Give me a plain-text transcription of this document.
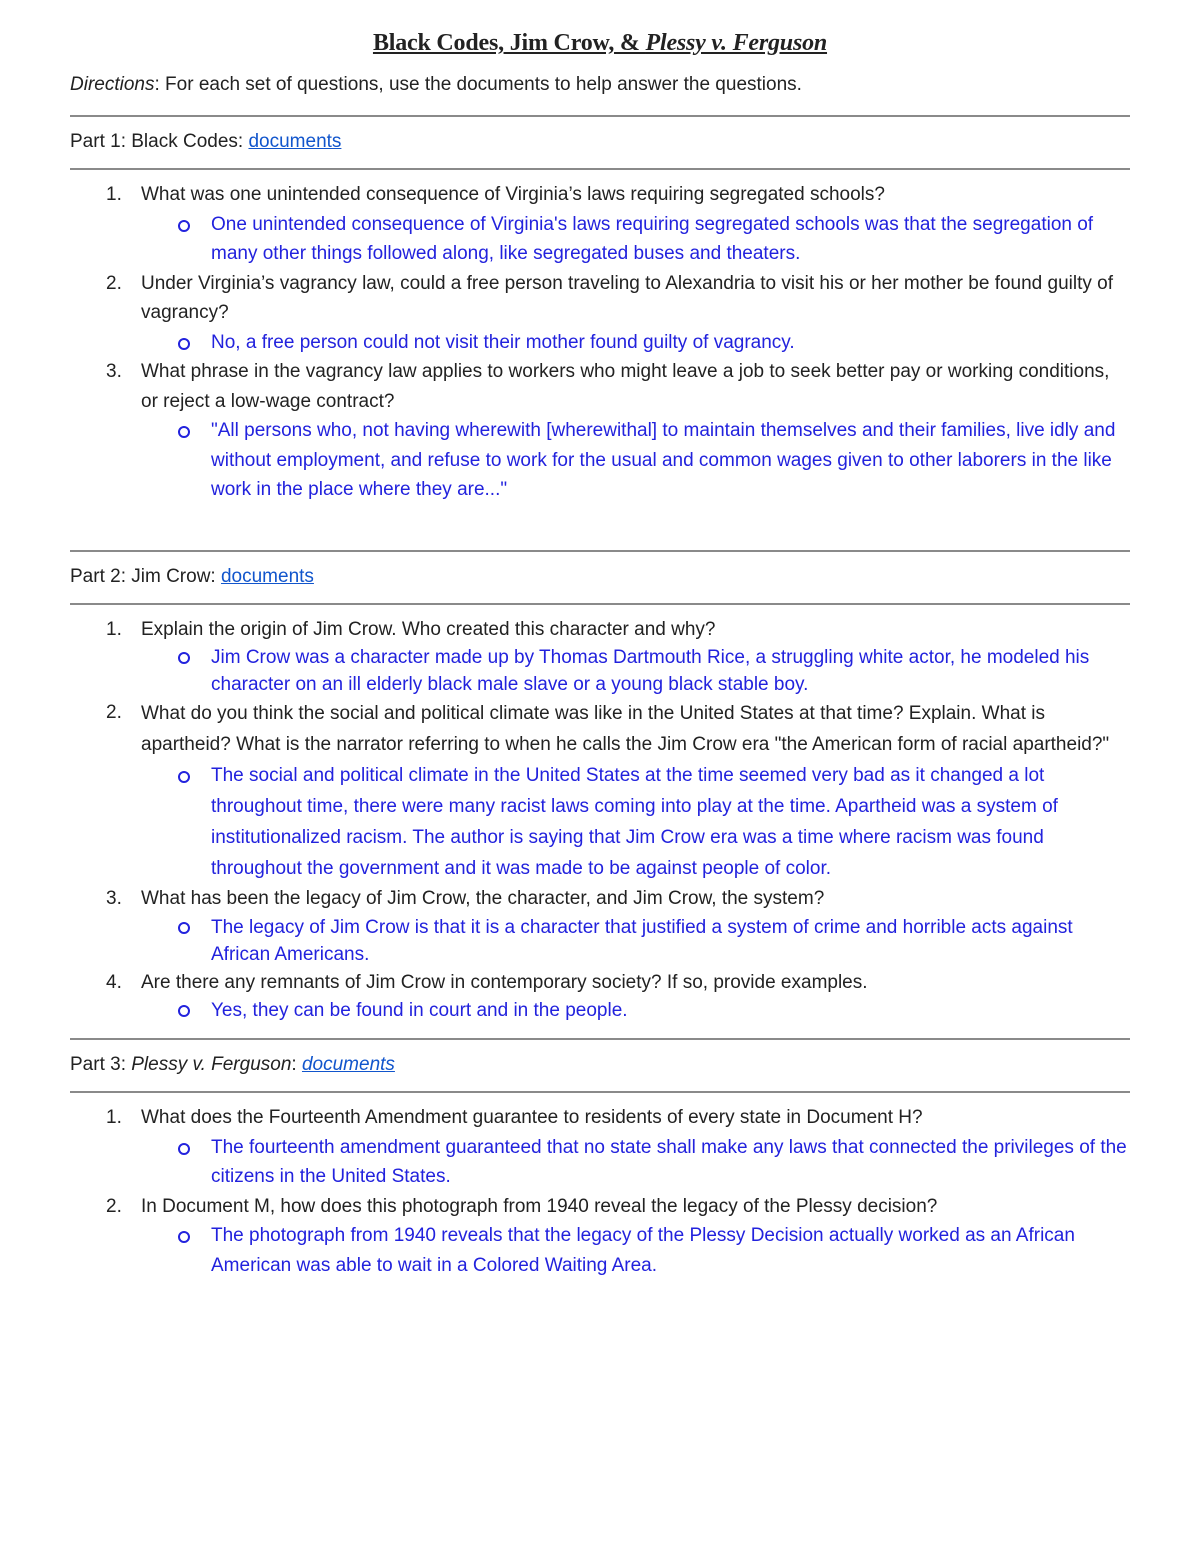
Black Codes, Jim Crow, & Plessy v. Ferguson
Directions: For each set of questions, use the documents to help answer the questions.
Part 1: Black Codes: documents
1. What was one unintended consequence of Virginia’s laws requiring segregated schools?
One unintended consequence of Virginia's laws requiring segregated schools was that the segregation of many other things followed along, like segregated buses and theaters.
2. Under Virginia’s vagrancy law, could a free person traveling to Alexandria to visit his or her mother be found guilty of vagrancy?
No, a free person could not visit their mother found guilty of vagrancy.
3. What phrase in the vagrancy law applies to workers who might leave a job to seek better pay or working conditions, or reject a low-wage contract?
"All persons who, not having wherewith [wherewithal] to maintain themselves and their families, live idly and without employment, and refuse to work for the usual and common wages given to other laborers in the like work in the place where they are..."
Part 2: Jim Crow: documents
1. Explain the origin of Jim Crow. Who created this character and why?
Jim Crow was a character made up by Thomas Dartmouth Rice, a struggling white actor, he modeled his character on an ill elderly black male slave or a young black stable boy.
2. What do you think the social and political climate was like in the United States at that time? Explain. What is apartheid? What is the narrator referring to when he calls the Jim Crow era "the American form of racial apartheid?"
The social and political climate in the United States at the time seemed very bad as it changed a lot throughout time, there were many racist laws coming into play at the time. Apartheid was a system of institutionalized racism. The author is saying that Jim Crow era was a time where racism was found throughout the government and it was made to be against people of color.
3. What has been the legacy of Jim Crow, the character, and Jim Crow, the system?
The legacy of Jim Crow is that it is a character that justified a system of crime and horrible acts against African Americans.
4. Are there any remnants of Jim Crow in contemporary society? If so, provide examples.
Yes, they can be found in court and in the people.
Part 3: Plessy v. Ferguson: documents
1. What does the Fourteenth Amendment guarantee to residents of every state in Document H?
The fourteenth amendment guaranteed that no state shall make any laws that connected the privileges of the citizens in the United States.
2. In Document M, how does this photograph from 1940 reveal the legacy of the Plessy decision?
The photograph from 1940 reveals that the legacy of the Plessy Decision actually worked as an African American was able to wait in a Colored Waiting Area.
